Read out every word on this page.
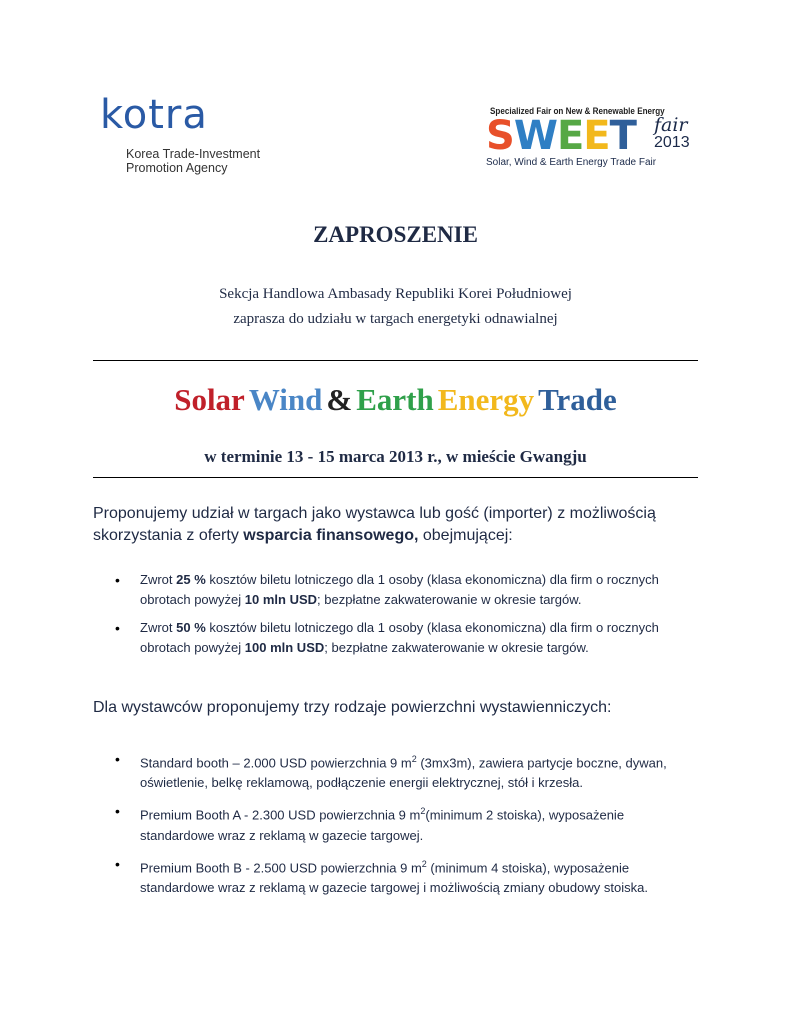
kotra
Korea Trade-Investment
Promotion Agency
Specialized Fair on New & Renewable Energy
SWEET fair
2013
Solar, Wind & Earth Energy Trade Fair
ZAPROSZENIE
Sekcja Handlowa Ambasady Republiki Korei Południowej
zaprasza do udziału w targach energetyki odnawialnej
Solar Wind & Earth Energy Trade
w terminie 13 - 15 marca 2013 r., w mieście Gwangju
Proponujemy udział w targach jako wystawca lub gość (importer) z możliwością skorzystania z oferty wsparcia finansowego, obejmującej:
• Zwrot 25 % kosztów biletu lotniczego dla 1 osoby (klasa ekonomiczna) dla firm o rocznych obrotach powyżej 10 mln USD; bezpłatne zakwaterowanie w okresie targów.
• Zwrot 50 % kosztów biletu lotniczego dla 1 osoby (klasa ekonomiczna) dla firm o rocznych obrotach powyżej 100 mln USD; bezpłatne zakwaterowanie w okresie targów.
Dla wystawców proponujemy trzy rodzaje powierzchni wystawienniczych:
• Standard booth – 2.000 USD powierzchnia 9 $m^2$ (3mx3m), zawiera partycje boczne, dywan, oświetlenie, belkę reklamową, podłączenie energii elektrycznej, stół i krzesła.
• Premium Booth A - 2.300 USD powierzchnia 9 $m^2(minimum$ 2 stoiska), wyposażenie standardowe wraz z reklamą w gazecie targowej.
• Premium Booth B - 2.500 USD powierzchnia 9 $m^2$ (minimum 4 stoiska), wyposażenie standardowe wraz z reklamą w gazecie targowej i możliwością zmiany obudowy stoiska.
